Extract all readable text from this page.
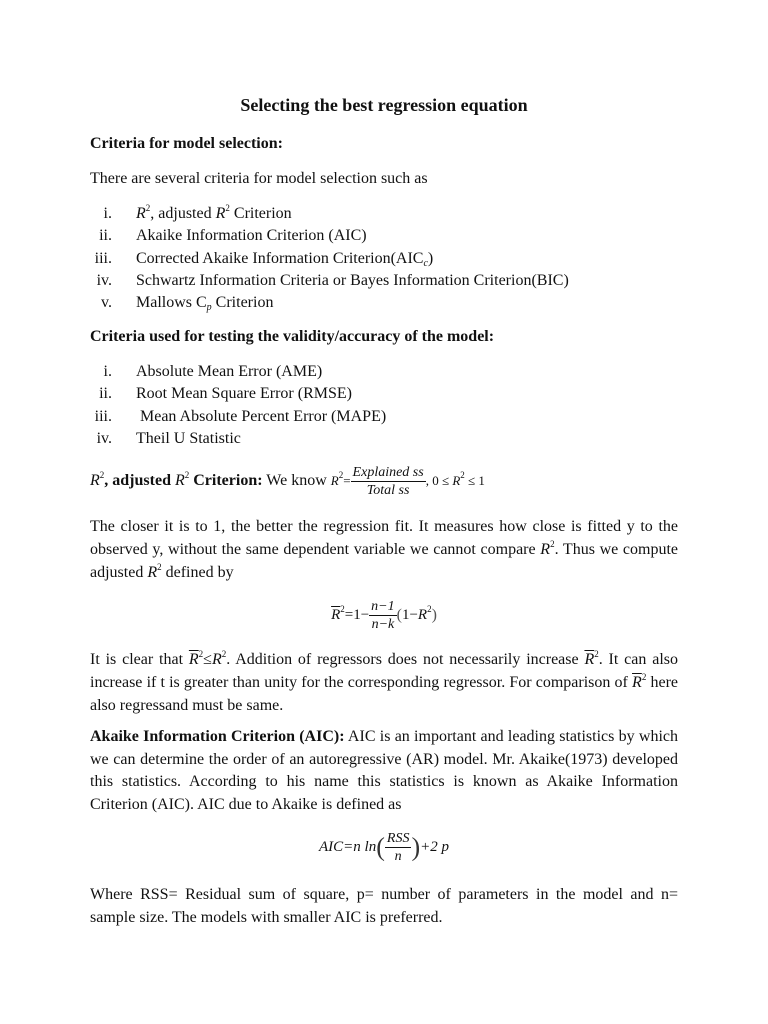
Selecting the best regression equation
Criteria for model selection:
There are several criteria for model selection such as
i. $R^2$, adjusted $R^2$ Criterion
ii. Akaike Information Criterion (AIC)
iii. Corrected Akaike Information $Criterion(AIC_c)$
iv. Schwartz Information Criteria or Bayes Information Criterion(BIC)
v. Mallows $C_p$ Criterion
Criteria used for testing the validity/accuracy of the model:
i. Absolute Mean Error (AME)
ii. Root Mean Square Error (RMSE)
iii. Mean Absolute Percent Error (MAPE)
iv. Theil U Statistic
$R^2$, adjusted $R^2$ Criterion: We know $R^2= \frac{\text{Explained ss}}{\text{Total ss}}$ , $0 \le R^2 \le 1$
The closer it is to 1, the better the regression fit. It measures how close is fitted y to the observed y, without the same dependent variable we cannot compare $R^2$. Thus we compute adjusted $R^2$ defined by
$\overline{R}^2=1- \frac{n-1}{n-k} (1-R^2)$
It is clear that $\overline{R}^2\le R^2$. Addition of regressors does not necessarily increase $\overline{R}^2$. It can also increase if t is greater than unity for the corresponding regressor. For comparison of $\overline{R}^2$ here also regressand must be same.
Akaike Information Criterion (AIC): AIC is an important and leading statistics by which we can determine the order of an autoregressive (AR) model. Mr. Akaike(1973) developed this statistics. According to his name this statistics is known as Akaike Information Criterion (AIC). AIC due to Akaike is defined as
AIC=n $\ln( \frac{\text{RSS}}{n} )+2$ p
Where RSS= Residual sum of square, p= number of parameters in the model and n= sample size. The models with smaller AIC is preferred.
